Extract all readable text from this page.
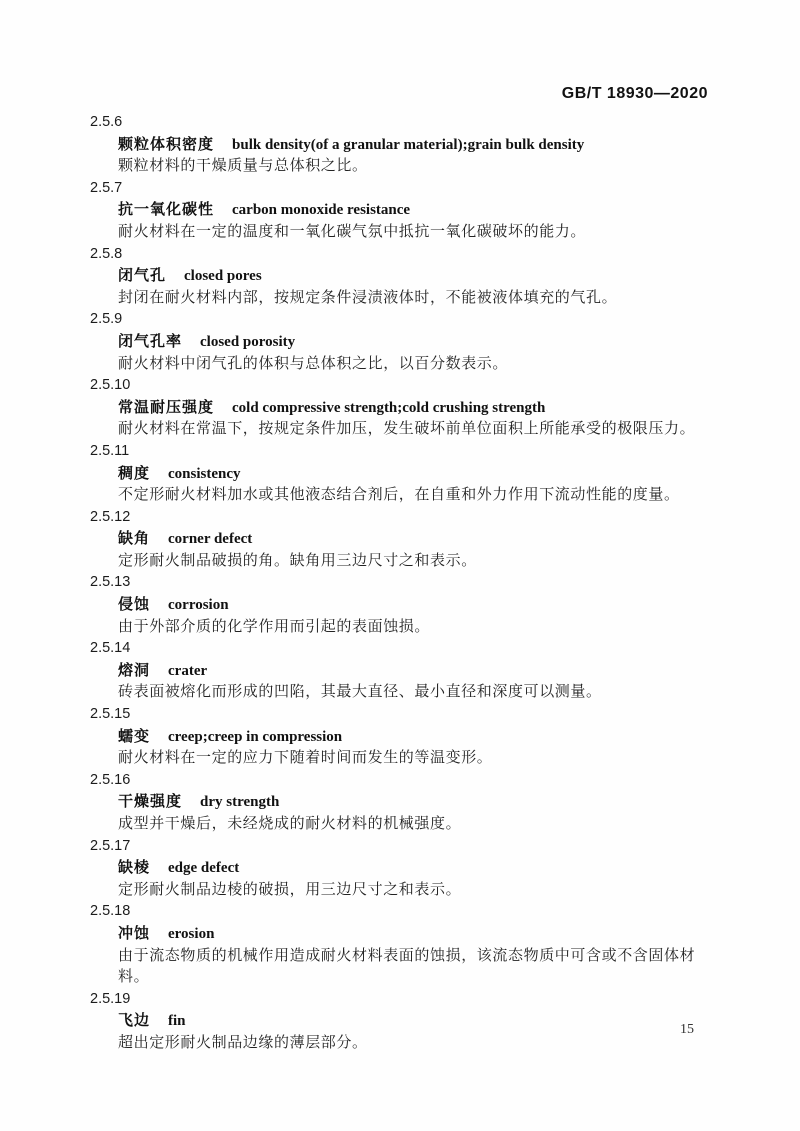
GB/T 18930—2020
2.5.6
颗粒体积密度 bulk density(of a granular material);grain bulk density
颗粒材料的干燥质量与总体积之比。
2.5.7
抗一氧化碳性 carbon monoxide resistance
耐火材料在一定的温度和一氧化碳气氛中抵抗一氧化碳破坏的能力。
2.5.8
闭气孔 closed pores
封闭在耐火材料内部，按规定条件浸渍液体时，不能被液体填充的气孔。
2.5.9
闭气孔率 closed porosity
耐火材料中闭气孔的体积与总体积之比，以百分数表示。
2.5.10
常温耐压强度 cold compressive strength;cold crushing strength
耐火材料在常温下，按规定条件加压，发生破坏前单位面积上所能承受的极限压力。
2.5.11
稠度 consistency
不定形耐火材料加水或其他液态结合剂后，在自重和外力作用下流动性能的度量。
2.5.12
缺角 corner defect
定形耐火制品破损的角。缺角用三边尺寸之和表示。
2.5.13
侵蚀 corrosion
由于外部介质的化学作用而引起的表面蚀损。
2.5.14
熔洞 crater
砖表面被熔化而形成的凹陷，其最大直径、最小直径和深度可以测量。
2.5.15
蠕变 creep;creep in compression
耐火材料在一定的应力下随着时间而发生的等温变形。
2.5.16
干燥强度 dry strength
成型并干燥后，未经烧成的耐火材料的机械强度。
2.5.17
缺棱 edge defect
定形耐火制品边棱的破损，用三边尺寸之和表示。
2.5.18
冲蚀 erosion
由于流态物质的机械作用造成耐火材料表面的蚀损，该流态物质中可含或不含固体材料。
2.5.19
飞边 fin
超出定形耐火制品边缘的薄层部分。
15
